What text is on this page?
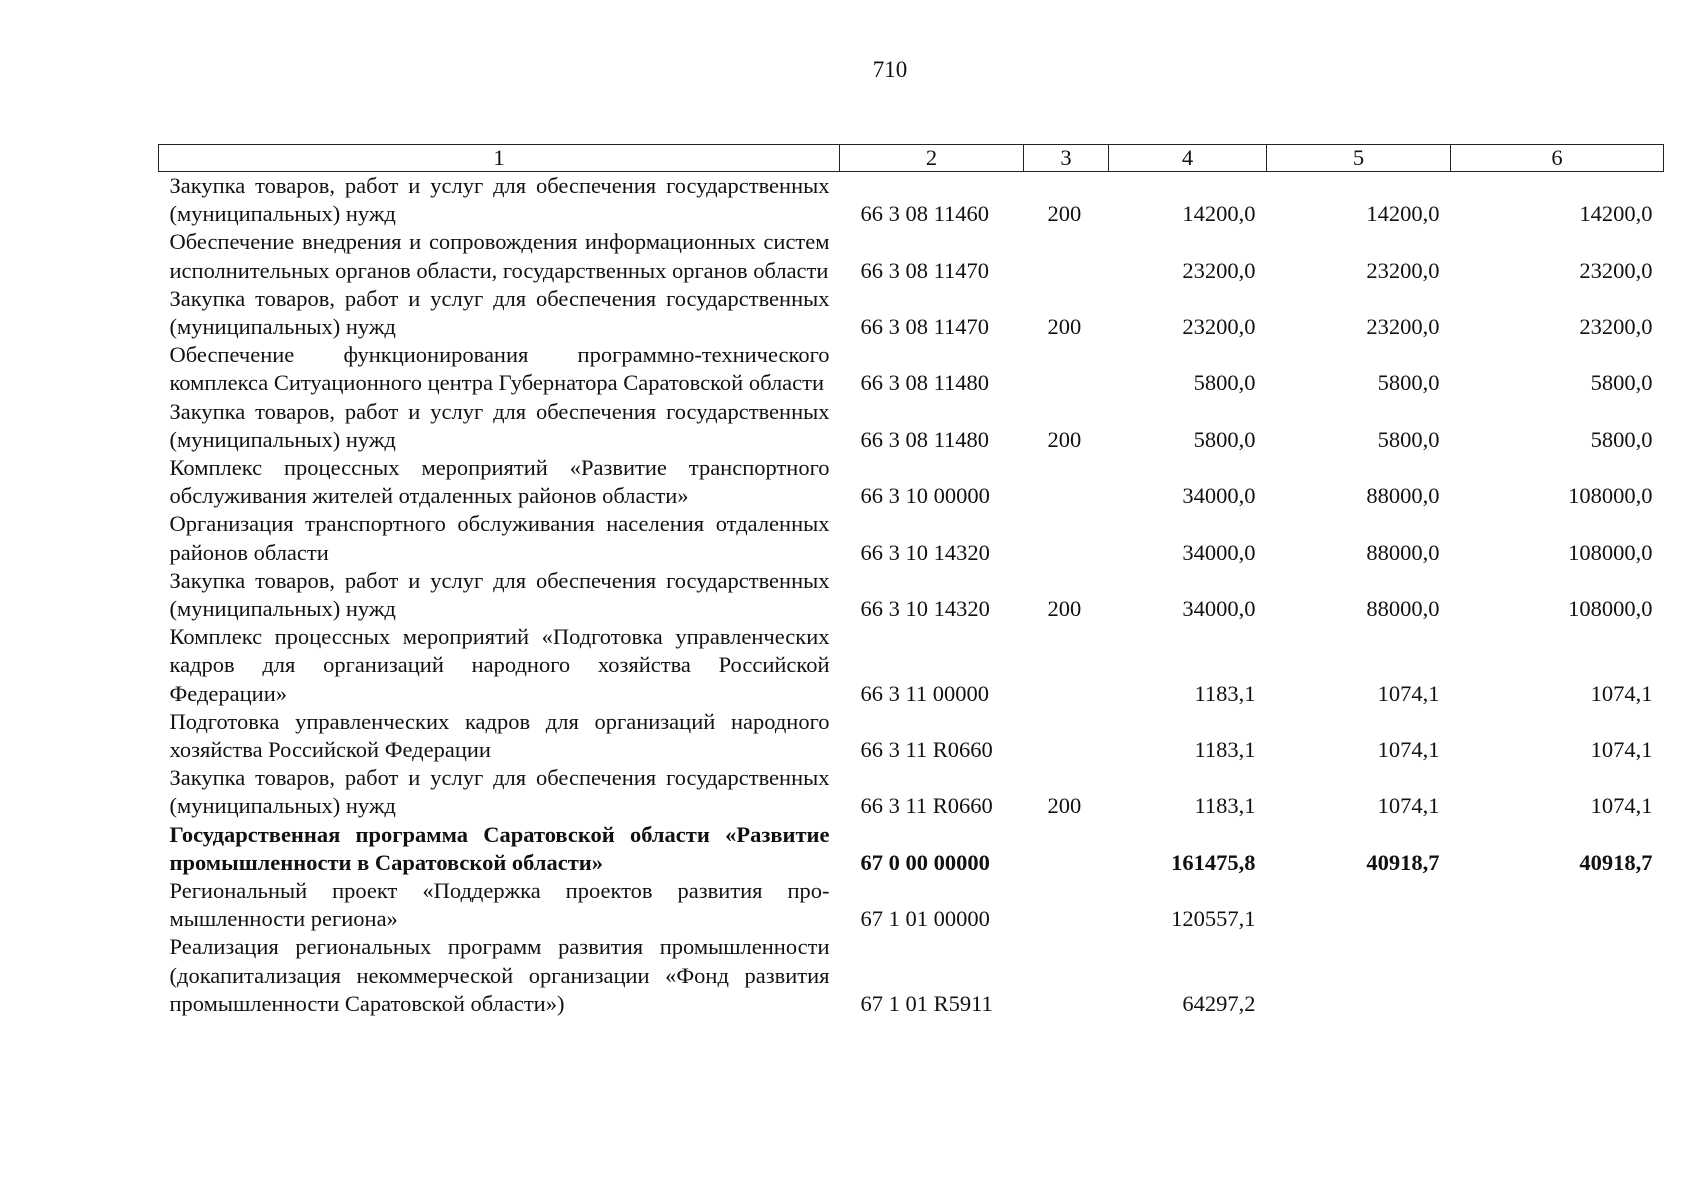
710
1	2	3	4	5	6
Закупка товаров, работ и услуг для обеспечения государственных (муниципальных) нужд	66 3 08 11460	200	14200,0	14200,0	14200,0
Обеспечение внедрения и сопровождения информационных систем исполнительных органов области, государственных органов области	66 3 08 11470		23200,0	23200,0	23200,0
Закупка товаров, работ и услуг для обеспечения государственных (муниципальных) нужд	66 3 08 11470	200	23200,0	23200,0	23200,0
Обеспечение функционирования программно-технического комплекса Ситуационного центра Губернатора Саратовской области	66 3 08 11480		5800,0	5800,0	5800,0
Закупка товаров, работ и услуг для обеспечения государственных (муниципальных) нужд	66 3 08 11480	200	5800,0	5800,0	5800,0
Комплекс процессных мероприятий «Развитие транспортного обслуживания жителей отдаленных районов области»	66 3 10 00000		34000,0	88000,0	108000,0
Организация транспортного обслуживания населения отдаленных районов области	66 3 10 14320		34000,0	88000,0	108000,0
Закупка товаров, работ и услуг для обеспечения государственных (муниципальных) нужд	66 3 10 14320	200	34000,0	88000,0	108000,0
Комплекс процессных мероприятий «Подготовка управленческих кадров для организаций народного хозяйства Российской Федерации»	66 3 11 00000		1183,1	1074,1	1074,1
Подготовка управленческих кадров для организаций народного хозяйства Российской Федерации	66 3 11 R0660		1183,1	1074,1	1074,1
Закупка товаров, работ и услуг для обеспечения государственных (муниципальных) нужд	66 3 11 R0660	200	1183,1	1074,1	1074,1
Государственная программа Саратовской области «Развитие промышленности в Саратовской области»	67 0 00 00000		161475,8	40918,7	40918,7
Региональный проект «Поддержка проектов развития промышленности региона»	67 1 01 00000		120557,1		
Реализация региональных программ развития промышленности (докапитализация некоммерческой организации «Фонд развития промышленности Саратовской области»)	67 1 01 R5911		64297,2		
